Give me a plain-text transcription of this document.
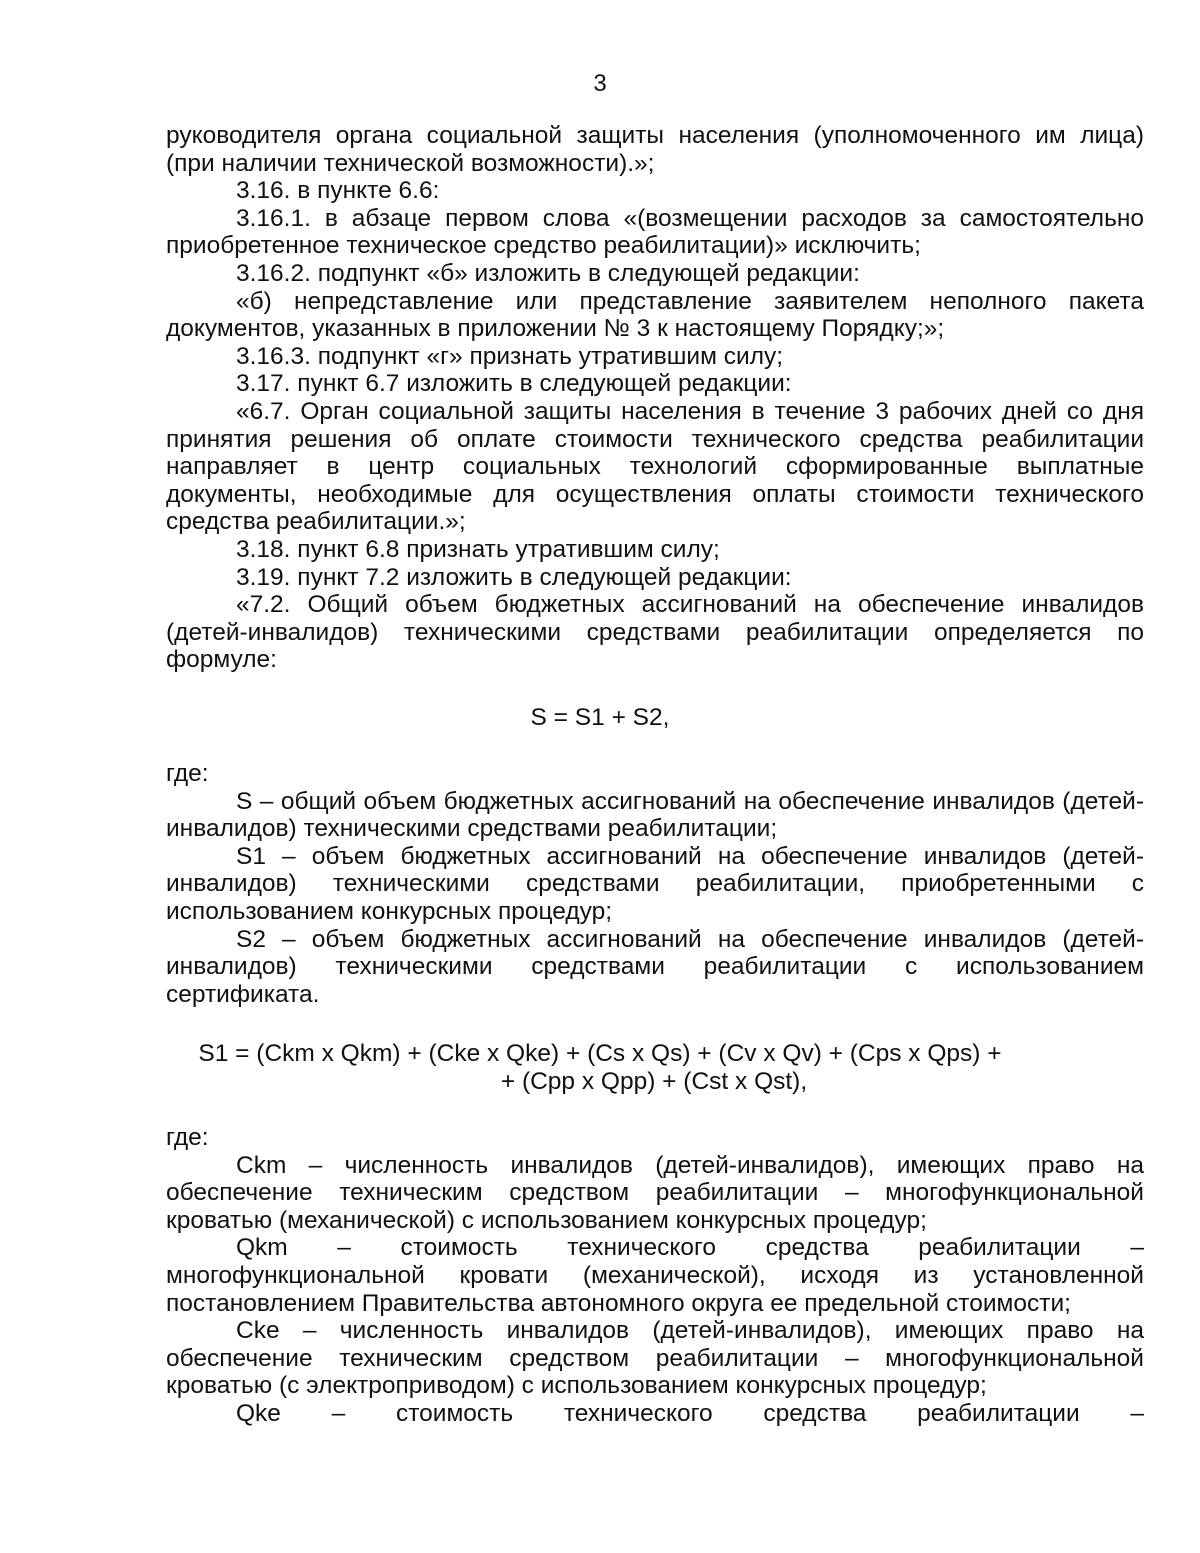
3

руководителя органа социальной защиты населения (уполномоченного им лица) (при наличии технической возможности).»;

3.16. в пункте 6.6:

3.16.1. в абзаце первом слова «(возмещении расходов за самостоятельно приобретенное техническое средство реабилитации)» исключить;

3.16.2. подпункт «б» изложить в следующей редакции:

«б) непредставление или представление заявителем неполного пакета документов, указанных в приложении № 3 к настоящему Порядку;»;

3.16.3. подпункт «г» признать утратившим силу;

3.17. пункт 6.7 изложить в следующей редакции:

«6.7. Орган социальной защиты населения в течение 3 рабочих дней со дня принятия решения об оплате стоимости технического средства реабилитации направляет в центр социальных технологий сформированные выплатные документы, необходимые для осуществления оплаты стоимости технического средства реабилитации.»;

3.18. пункт 6.8 признать утратившим силу;

3.19. пункт 7.2 изложить в следующей редакции:

«7.2. Общий объем бюджетных ассигнований на обеспечение инвалидов (детей-инвалидов) техническими средствами реабилитации определяется по формуле:

S = S1 + S2,

где:

S – общий объем бюджетных ассигнований на обеспечение инвалидов (детей-инвалидов) техническими средствами реабилитации;

S1 – объем бюджетных ассигнований на обеспечение инвалидов (детей-инвалидов) техническими средствами реабилитации, приобретенными с использованием конкурсных процедур;

S2 – объем бюджетных ассигнований на обеспечение инвалидов (детей-инвалидов) техническими средствами реабилитации с использованием сертификата.

S1 = (Ckm x Qkm) + (Cke x Qke) + (Cs x Qs) + (Cv x Qv) + (Cps x Qps) +
+ (Cpp x Qpp) + (Cst x Qst),

где:

Ckm – численность инвалидов (детей-инвалидов), имеющих право на обеспечение техническим средством реабилитации – многофункциональной кроватью (механической) с использованием конкурсных процедур;

Qkm – стоимость технического средства реабилитации – многофункциональной кровати (механической), исходя из установленной постановлением Правительства автономного округа ее предельной стоимости;

Cke – численность инвалидов (детей-инвалидов), имеющих право на обеспечение техническим средством реабилитации – многофункциональной кроватью (с электроприводом) с использованием конкурсных процедур;

Qke – стоимость технического средства реабилитации –
